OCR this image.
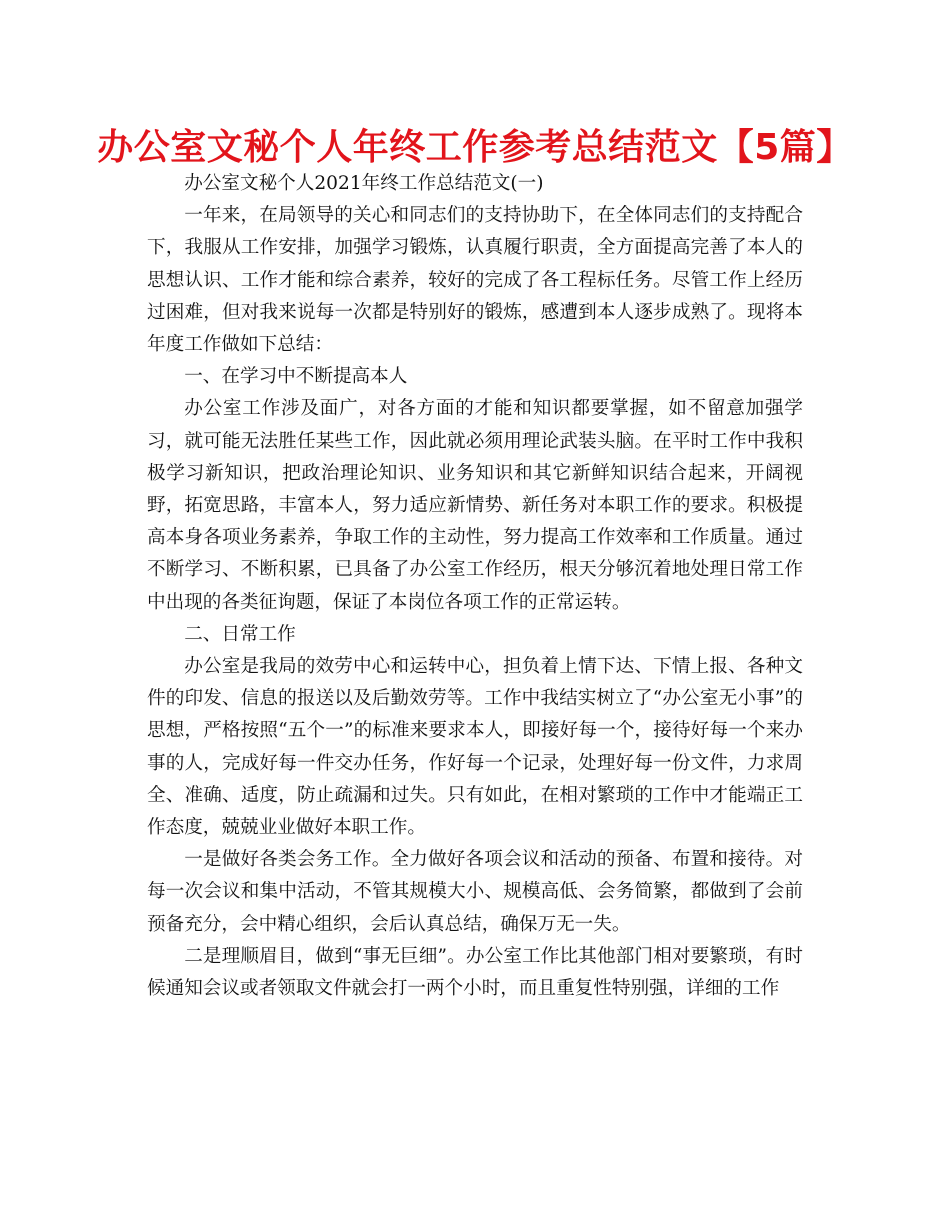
办公室文秘个人年终工作参考总结范文【5篇】

办公室文秘个人2021年终工作总结范文(一)

一年来，在局领导的关心和同志们的支持协助下，在全体同志们的支持配合下，我服从工作安排，加强学习锻炼，认真履行职责，全方面提高完善了本人的思想认识、工作才能和综合素养，较好的完成了各工程标任务。尽管工作上经历过困难，但对我来说每一次都是特别好的锻炼，感遭到本人逐步成熟了。现将本年度工作做如下总结：

一、在学习中不断提高本人

办公室工作涉及面广，对各方面的才能和知识都要掌握，如不留意加强学习，就可能无法胜任某些工作，因此就必须用理论武装头脑。在平时工作中我积极学习新知识，把政治理论知识、业务知识和其它新鲜知识结合起来，开阔视野，拓宽思路，丰富本人，努力适应新情势、新任务对本职工作的要求。积极提高本身各项业务素养，争取工作的主动性，努力提高工作效率和工作质量。通过不断学习、不断积累，已具备了办公室工作经历，根天分够沉着地处理日常工作中出现的各类征询题，保证了本岗位各项工作的正常运转。

二、日常工作

办公室是我局的效劳中心和运转中心，担负着上情下达、下情上报、各种文件的印发、信息的报送以及后勤效劳等。工作中我结实树立了“办公室无小事”的思想，严格按照“五个一”的标准来要求本人，即接好每一个，接待好每一个来办事的人，完成好每一件交办任务，作好每一个记录，处理好每一份文件，力求周全、准确、适度，防止疏漏和过失。只有如此，在相对繁琐的工作中才能端正工作态度，兢兢业业做好本职工作。

一是做好各类会务工作。全力做好各项会议和活动的预备、布置和接待。对每一次会议和集中活动，不管其规模大小、规模高低、会务简繁，都做到了会前预备充分，会中精心组织，会后认真总结，确保万无一失。

二是理顺眉目，做到“事无巨细”。办公室工作比其他部门相对要繁琐，有时候通知会议或者领取文件就会打一两个小时，而且重复性特别强，详细的工作
